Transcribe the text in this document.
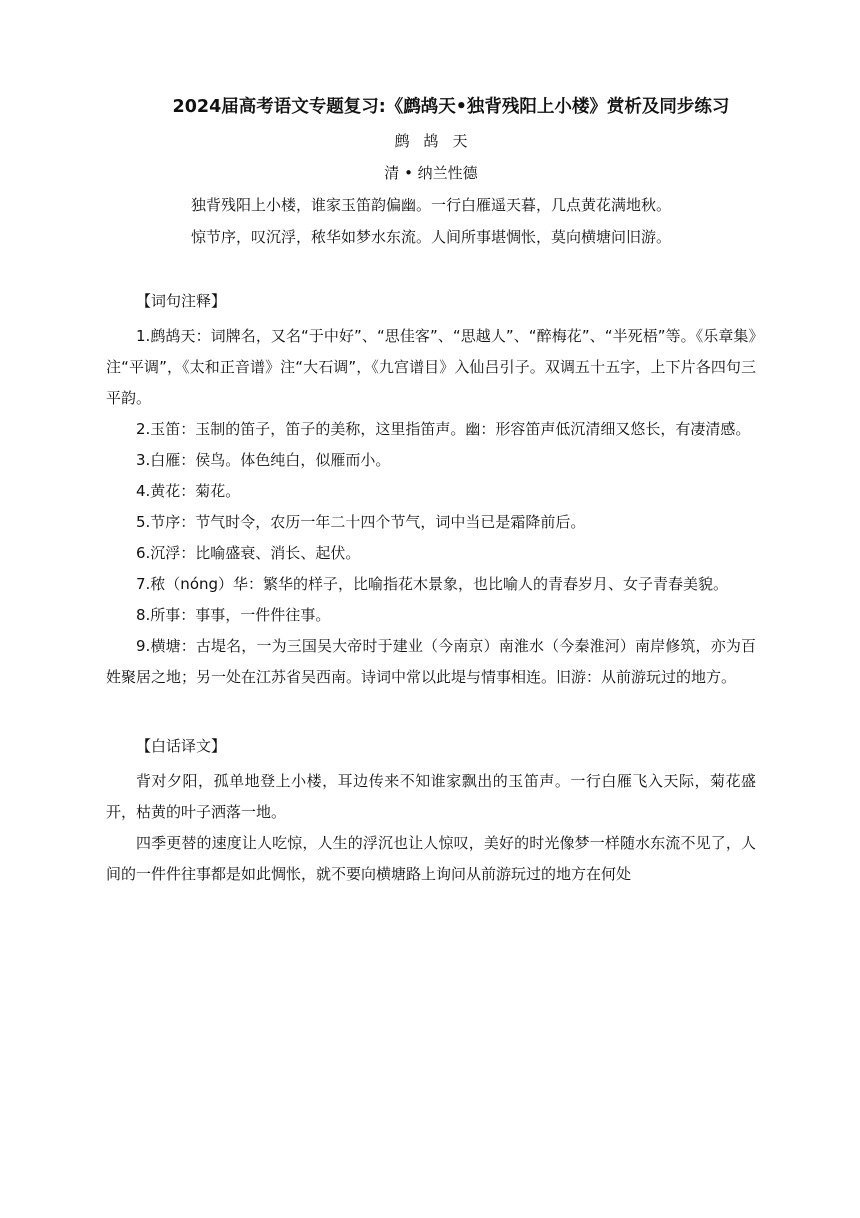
2024届高考语文专题复习:《鹧鸪天•独背残阳上小楼》赏析及同步练习

鹧 鸪 天

清 • 纳兰性德

独背残阳上小楼，谁家玉笛韵偏幽。一行白雁遥天暮，几点黄花满地秋。

惊节序，叹沉浮，秾华如梦水东流。人间所事堪惆怅，莫向横塘问旧游。

【词句注释】

1.鹧鸪天：词牌名，又名“于中好”、“思佳客”、“思越人”、“醉梅花”、“半死梧”等。《乐章集》注“平调”，《太和正音谱》注“大石调”，《九宫谱目》入仙吕引子。双调五十五字，上下片各四句三平韵。

2.玉笛：玉制的笛子，笛子的美称，这里指笛声。幽：形容笛声低沉清细又悠长，有凄清感。

3.白雁：侯鸟。体色纯白，似雁而小。

4.黄花：菊花。

5.节序：节气时令，农历一年二十四个节气，词中当已是霜降前后。

6.沉浮：比喻盛衰、消长、起伏。

7.秾（nóng）华：繁华的样子，比喻指花木景象，也比喻人的青春岁月、女子青春美貌。

8.所事：事事，一件件往事。

9.横塘：古堤名，一为三国吴大帝时于建业（今南京）南淮水（今秦淮河）南岸修筑，亦为百姓聚居之地；另一处在江苏省吴西南。诗词中常以此堤与情事相连。旧游：从前游玩过的地方。

【白话译文】

背对夕阳，孤单地登上小楼，耳边传来不知谁家飘出的玉笛声。一行白雁飞入天际，菊花盛开，枯黄的叶子洒落一地。

四季更替的速度让人吃惊，人生的浮沉也让人惊叹，美好的时光像梦一样随水东流不见了，人间的一件件往事都是如此惆怅，就不要向横塘路上询问从前游玩过的地方在何处
